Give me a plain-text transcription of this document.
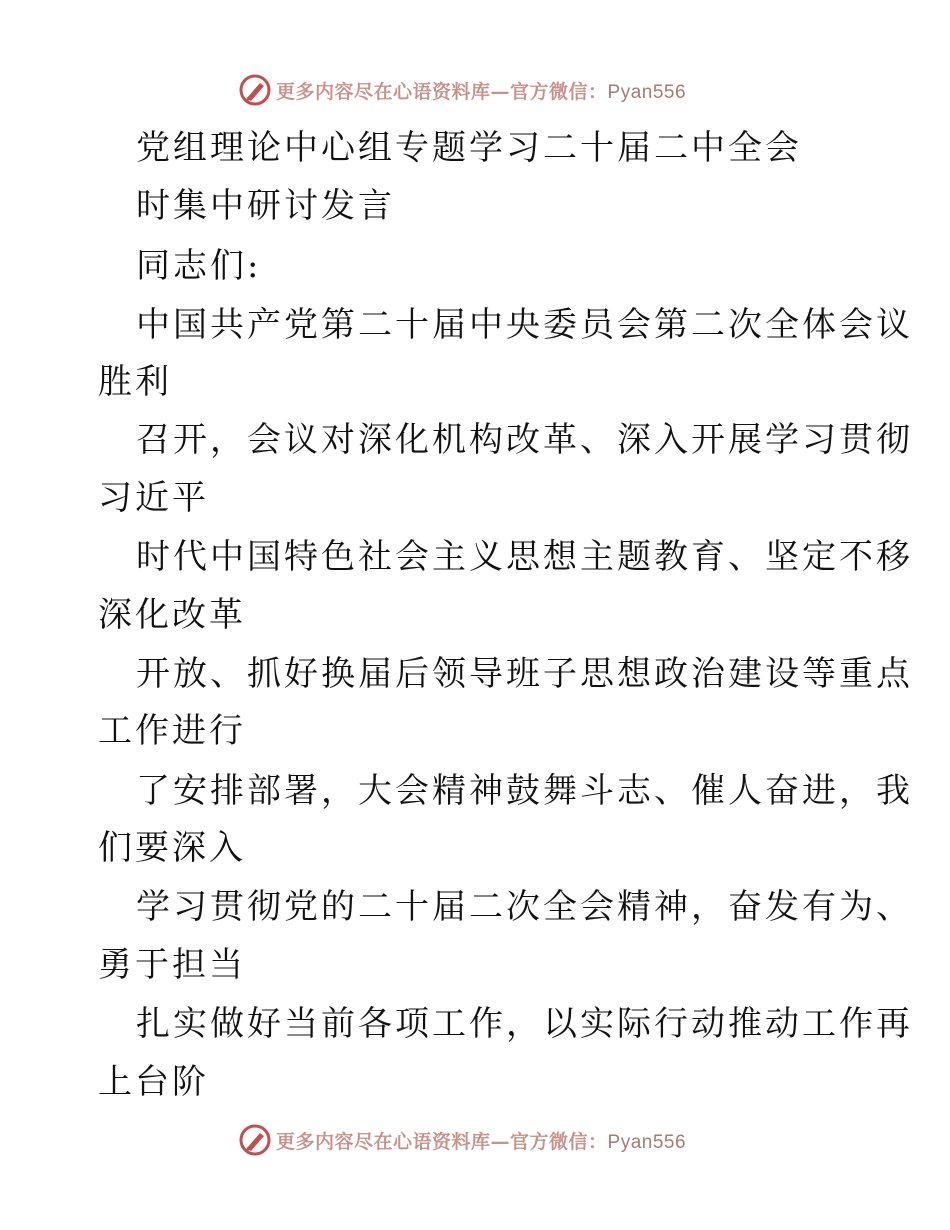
更多内容尽在心语资料库—官方微信：Pyan556
党组理论中心组专题学习二十届二中全会
时集中研讨发言
同志们:
中国共产党第二十届中央委员会第二次全体会议
胜利
召开，会议对深化机构改革、深入开展学习贯彻
习近平
时代中国特色社会主义思想主题教育、坚定不移
深化改革
开放、抓好换届后领导班子思想政治建设等重点
工作进行
了安排部署，大会精神鼓舞斗志、催人奋进，我
们要深入
学习贯彻党的二十届二次全会精神，奋发有为、
勇于担当
扎实做好当前各项工作，以实际行动推动工作再
上台阶
更多内容尽在心语资料库—官方微信：Pyan556
